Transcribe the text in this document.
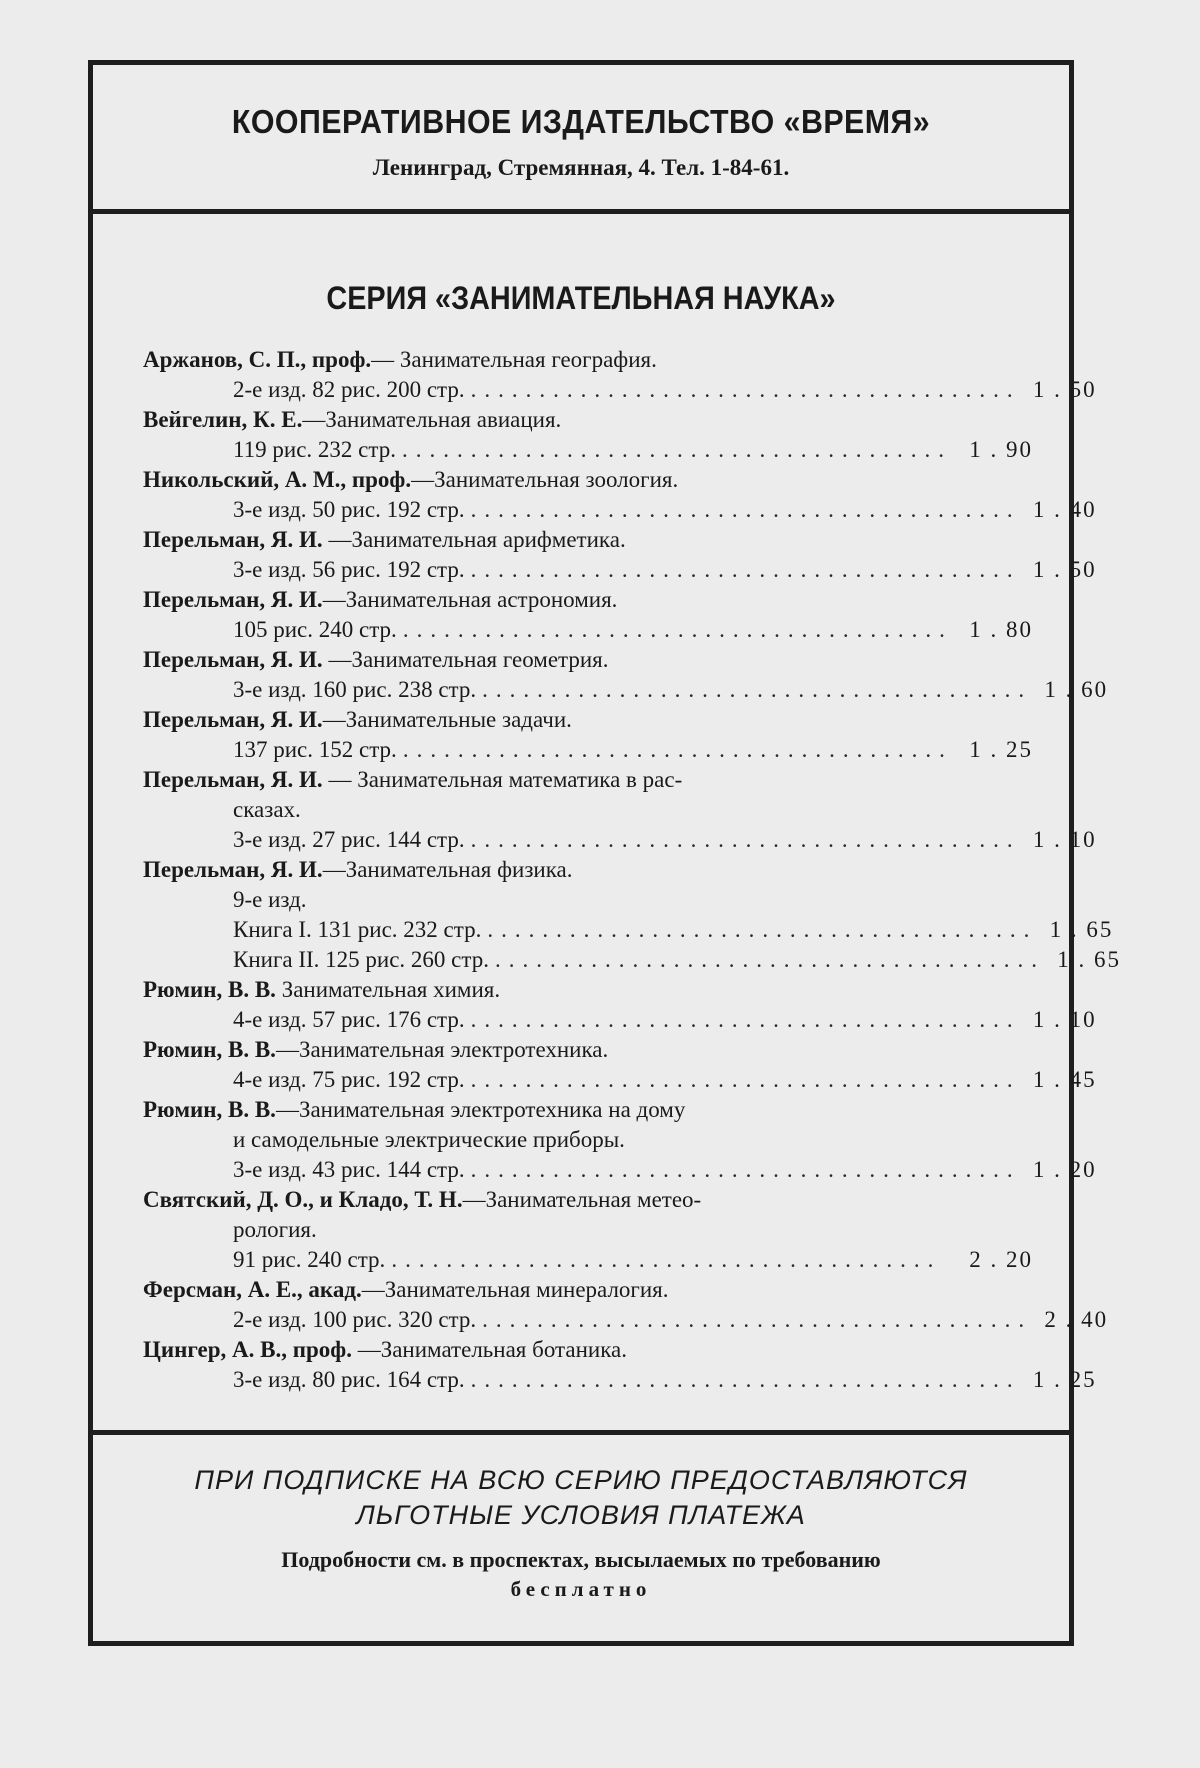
КООПЕРАТИВНОЕ ИЗДАТЕЛЬСТВО «ВРЕМЯ»
Ленинград, Стремянная, 4. Тел. 1-84-61.
СЕРИЯ «ЗАНИМАТЕЛЬНАЯ НАУКА»
Аржанов, С. П., проф.— Занимательная география.
2-е изд. 82 рис. 200 стр. ........................................ 1 . 50
Вейгелин, К. Е.—Занимательная авиация.
119 рис. 232 стр. ........................................ 1 . 90
Никольский, А. М., проф.—Занимательная зоология.
3-е изд. 50 рис. 192 стр. ........................................ 1 . 40
Перельман, Я. И. —Занимательная арифметика.
3-е изд. 56 рис. 192 стр. ........................................ 1 . 50
Перельман, Я. И.—Занимательная астрономия.
105 рис. 240 стр. ........................................ 1 . 80
Перельман, Я. И. —Занимательная геометрия.
3-е изд. 160 рис. 238 стр. ........................................ 1 . 60
Перельман, Я. И.—Занимательные задачи.
137 рис. 152 стр. ........................................ 1 . 25
Перельман, Я. И. — Занимательная математика в рас-
сказах.
3-е изд. 27 рис. 144 стр. ........................................ 1 . 10
Перельман, Я. И.—Занимательная физика.
9-е изд.
Книга I. 131 рис. 232 стр. ........................................ 1 . 65
Книга II. 125 рис. 260 стр. ........................................ 1 . 65
Рюмин, В. В. Занимательная химия.
4-е изд. 57 рис. 176 стр. ........................................ 1 . 10
Рюмин, В. В.—Занимательная электротехника.
4-е изд. 75 рис. 192 стр. ........................................ 1 . 45
Рюмин, В. В.—Занимательная электротехника на дому
и самодельные электрические приборы.
3-е изд. 43 рис. 144 стр. ........................................ 1 . 20
Святский, Д. О., и Кладо, Т. Н.—Занимательная метео-
рология.
91 рис. 240 стр. ........................................	2 . 20
Ферсман, А. Е., акад.—Занимательная минералогия.
2-е изд. 100 рис. 320 стр. ........................................ 2 . 40
Цингер, А. В., проф. —Занимательная ботаника.
3-е изд. 80 рис. 164 стр. ........................................ 1 . 25
ПРИ ПОДПИСКЕ НА ВСЮ СЕРИЮ ПРЕДОСТАВЛЯЮТСЯ
ЛЬГОТНЫЕ УСЛОВИЯ ПЛАТЕЖА
Подробности см. в проспектах, высылаемых по требованию
бесплатно
